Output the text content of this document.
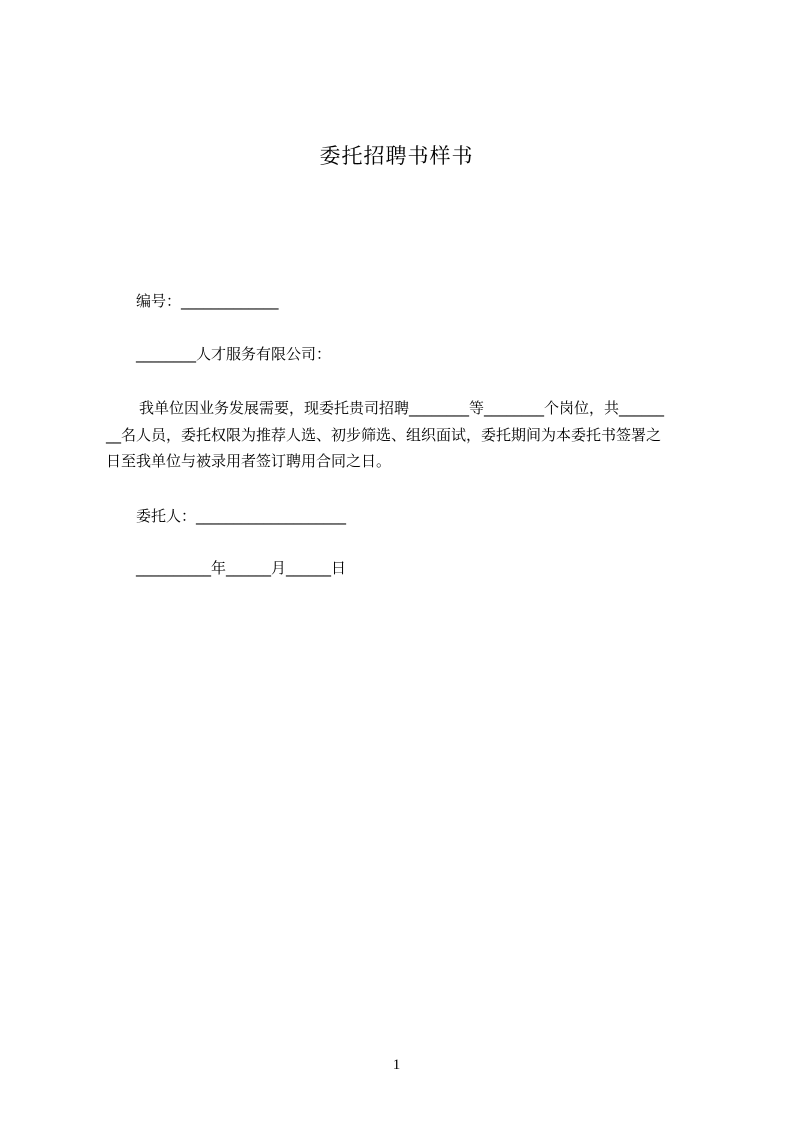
委托招聘书样书
编号：_____________
________人才服务有限公司：
我单位因业务发展需要，现委托贵司招聘________等________个岗位，共______
__名人员，委托权限为推荐人选、初步筛选、组织面试，委托期间为本委托书签署之
日至我单位与被录用者签订聘用合同之日。
委托人：____________________
__________年______月______日
1
